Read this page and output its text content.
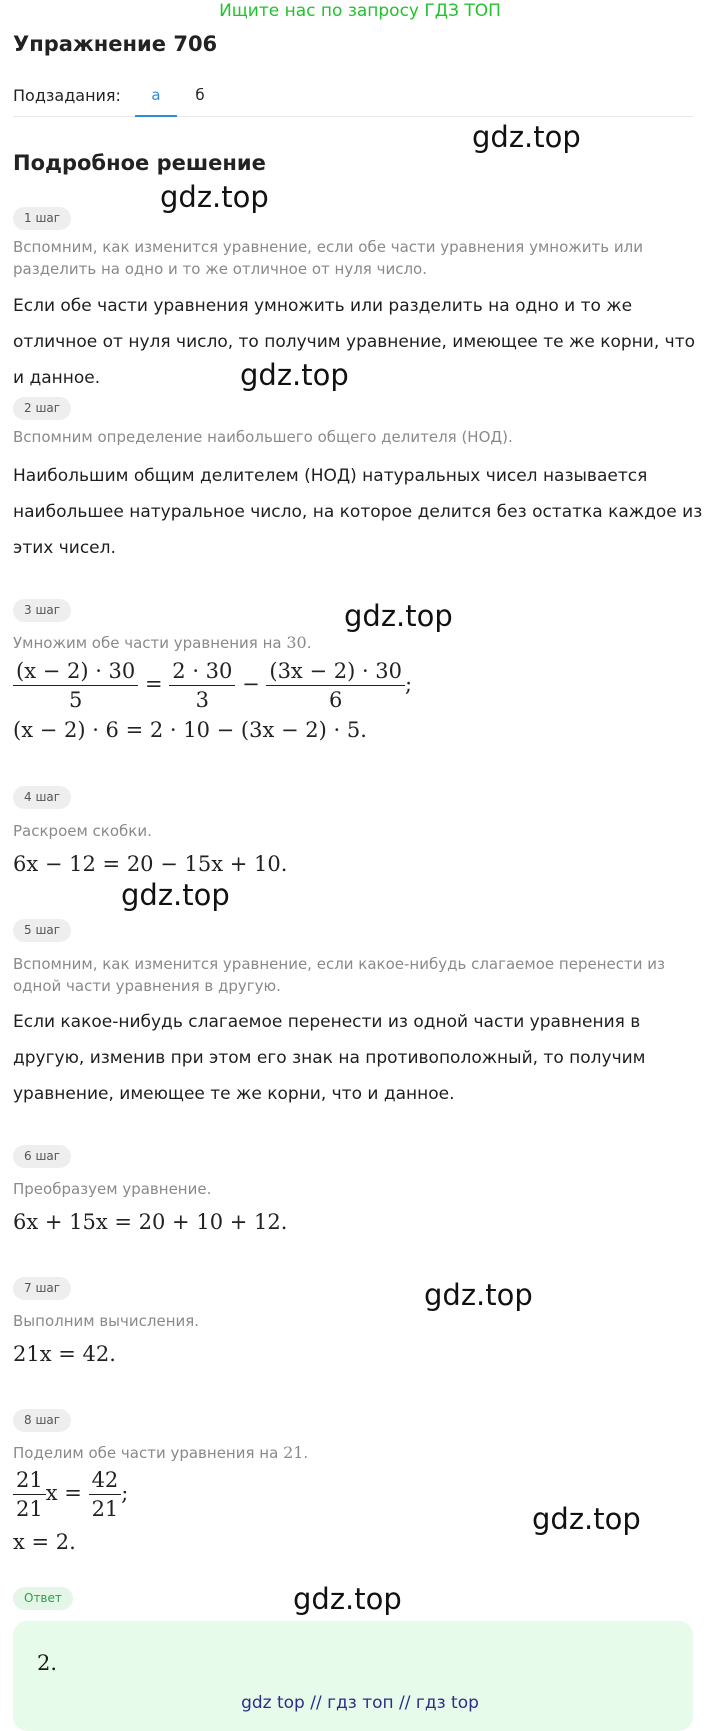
Ищите нас по запросу ГДЗ ТОП
Упражнение 706
Подзадания:	а	б
Подробное решение
1 шаг
Вспомним, как изменится уравнение, если обе части уравнения умножить или разделить на одно и то же отличное от нуля число.
Если обе части уравнения умножить или разделить на одно и то же отличное от нуля число, то получим уравнение, имеющее те же корни, что и данное.
2 шаг
Вспомним определение наибольшего общего делителя (НОД).
Наибольшим общим делителем (НОД) натуральных чисел называется наибольшее натуральное число, на которое делится без остатка каждое из этих чисел.
3 шаг
Умножим обе части уравнения на 30.
$\frac{(x - 2) \cdot 30}{5} = \frac{2 \cdot 30}{3} - \frac{(3x - 2) \cdot 30}{6}$ ;
(x − 2) · 6 = 2 · 10 − (3x − 2) · 5.
4 шаг
Раскроем скобки.
6x − 12 = 20 − 15x + 10.
5 шаг
Вспомним, как изменится уравнение, если какое-нибудь слагаемое перенести из одной части уравнения в другую.
Если какое-нибудь слагаемое перенести из одной части уравнения в другую, изменив при этом его знак на противоположный, то получим уравнение, имеющее те же корни, что и данное.
6 шаг
Преобразуем уравнение.
6x + 15x = 20 + 10 + 12.
7 шаг
Выполним вычисления.
21x = 42.
8 шаг
Поделим обе части уравнения на 21.
$\frac{21}{21}$ $x = \frac{42}{21}$ ;
x = 2.
Ответ
2.
gdz.top
gdz.top
gdz.top
gdz.top
gdz.top
gdz.top
gdz.top
gdz.top
gdz top // гдз топ // гдз top
